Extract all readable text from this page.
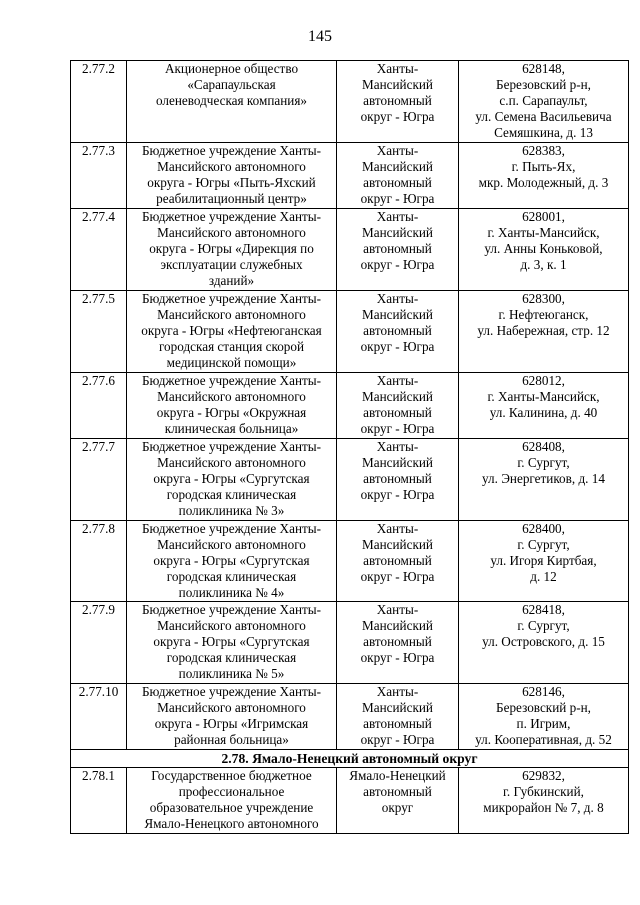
145
2.77.2	Акционерное общество
«Сарапаульская
оленеводческая компания»	Ханты-
Мансийский
автономный
округ - Югра	628148,
Березовский р-н,
с.п. Сарапаульт,
ул. Семена Васильевича
Семяшкина, д. 13
2.77.3	Бюджетное учреждение Ханты-
Мансийского автономного
округа - Югры «Пыть-Яхский
реабилитационный центр»	Ханты-
Мансийский
автономный
округ - Югра	628383,
г. Пыть-Ях,
мкр. Молодежный, д. 3
2.77.4	Бюджетное учреждение Ханты-
Мансийского автономного
округа - Югры «Дирекция по
эксплуатации служебных
зданий»	Ханты-
Мансийский
автономный
округ - Югра	628001,
г. Ханты-Мансийск,
ул. Анны Коньковой,
д. 3, к. 1
2.77.5	Бюджетное учреждение Ханты-
Мансийского автономного
округа - Югры «Нефтеюганская
городская станция скорой
медицинской помощи»	Ханты-
Мансийский
автономный
округ - Югра	628300,
г. Нефтеюганск,
ул. Набережная, стр. 12
2.77.6	Бюджетное учреждение Ханты-
Мансийского автономного
округа - Югры «Окружная
клиническая больница»	Ханты-
Мансийский
автономный
округ - Югра	628012,
г. Ханты-Мансийск,
ул. Калинина, д. 40
2.77.7	Бюджетное учреждение Ханты-
Мансийского автономного
округа - Югры «Сургутская
городская клиническая
поликлиника № 3»	Ханты-
Мансийский
автономный
округ - Югра	628408,
г. Сургут,
ул. Энергетиков, д. 14
2.77.8	Бюджетное учреждение Ханты-
Мансийского автономного
округа - Югры «Сургутская
городская клиническая
поликлиника № 4»	Ханты-
Мансийский
автономный
округ - Югра	628400,
г. Сургут,
ул. Игоря Киртбая,
д. 12
2.77.9	Бюджетное учреждение Ханты-
Мансийского автономного
округа - Югры «Сургутская
городская клиническая
поликлиника № 5»	Ханты-
Мансийский
автономный
округ - Югра	628418,
г. Сургут,
ул. Островского, д. 15
2.77.10	Бюджетное учреждение Ханты-
Мансийского автономного
округа - Югры «Игримская
районная больница»	Ханты-
Мансийский
автономный
округ - Югра	628146,
Березовский р-н,
п. Игрим,
ул. Кооперативная, д. 52
2.78. Ямало-Ненецкий автономный округ			
2.78.1	Государственное бюджетное
профессиональное
образовательное учреждение
Ямало-Ненецкого автономного	Ямало-Ненецкий
автономный
округ	629832,
г. Губкинский,
микрорайон № 7, д. 8
